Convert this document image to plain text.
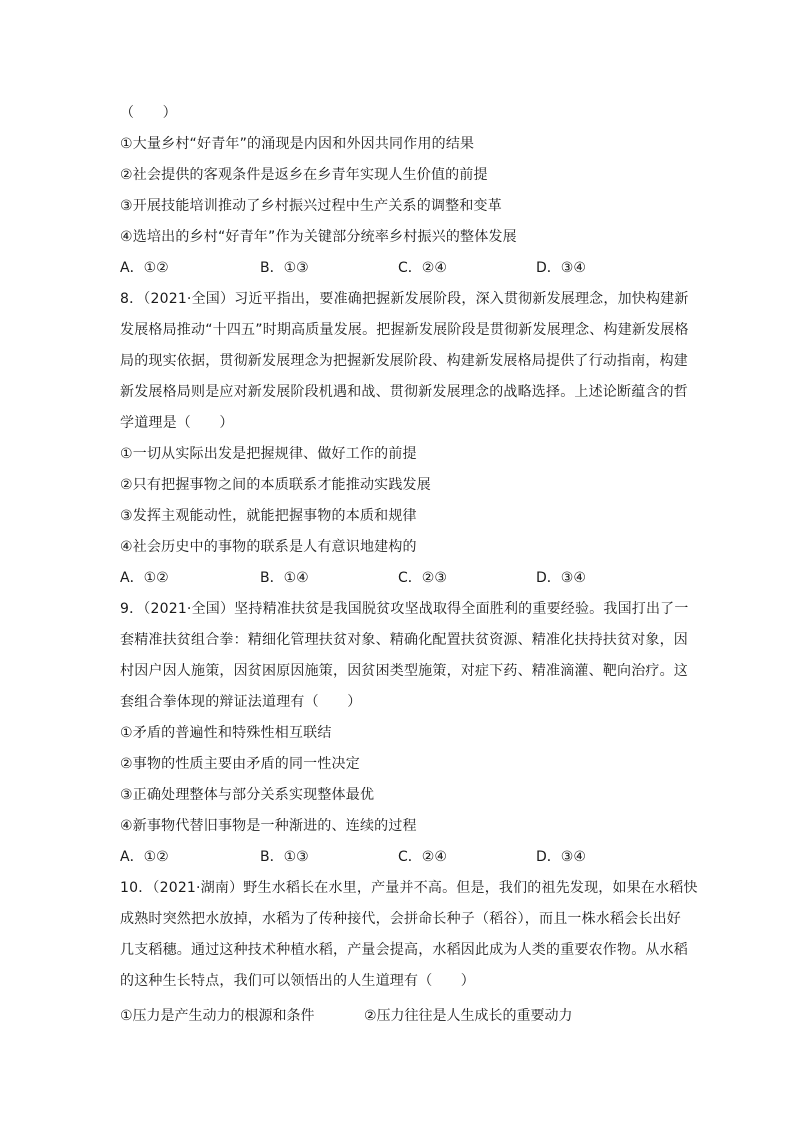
（　　）
①大量乡村“好青年”的涌现是内因和外因共同作用的结果
②社会提供的客观条件是返乡在乡青年实现人生价值的前提
③开展技能培训推动了乡村振兴过程中生产关系的调整和变革
④选培出的乡村“好青年”作为关键部分统率乡村振兴的整体发展
A．①②	B．①③	C．②④	D．③④
8．（2021·全国）习近平指出，要准确把握新发展阶段，深入贯彻新发展理念，加快构建新
发展格局推动“十四五”时期高质量发展。把握新发展阶段是贯彻新发展理念、构建新发展格
局的现实依据，贯彻新发展理念为把握新发展阶段、构建新发展格局提供了行动指南，构建
新发展格局则是应对新发展阶段机遇和战、贯彻新发展理念的战略选择。上述论断蕴含的哲
学道理是（　　）
①一切从实际出发是把握规律、做好工作的前提
②只有把握事物之间的本质联系才能推动实践发展
③发挥主观能动性，就能把握事物的本质和规律
④社会历史中的事物的联系是人有意识地建构的
A．①②	B．①④	C．②③	D．③④
9．（2021·全国）坚持精准扶贫是我国脱贫攻坚战取得全面胜利的重要经验。我国打出了一
套精准扶贫组合拳：精细化管理扶贫对象、精确化配置扶贫资源、精准化扶持扶贫对象，因
村因户因人施策，因贫困原因施策，因贫困类型施策，对症下药、精准滴灌、靶向治疗。这
套组合拳体现的辩证法道理有（　　）
①矛盾的普遍性和特殊性相互联结
②事物的性质主要由矛盾的同一性决定
③正确处理整体与部分关系实现整体最优
④新事物代替旧事物是一种渐进的、连续的过程
A．①②	B．①③	C．②④	D．③④
10．（2021·湖南）野生水稻长在水里，产量并不高。但是，我们的祖先发现，如果在水稻快
成熟时突然把水放掉，水稻为了传种接代，会拼命长种子（稻谷），而且一株水稻会长出好
几支稻穗。通过这种技术种植水稻，产量会提高，水稻因此成为人类的重要农作物。从水稻
的这种生长特点，我们可以领悟出的人生道理有（　　）
①压力是产生动力的根源和条件	②压力往往是人生成长的重要动力
